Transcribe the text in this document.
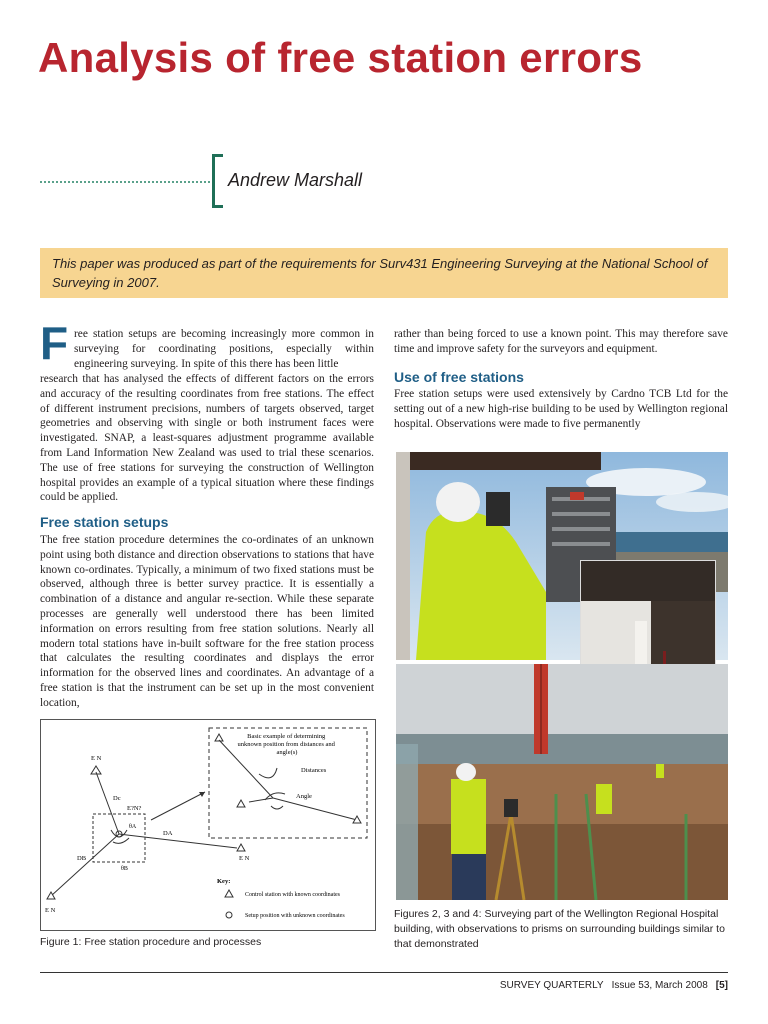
Analysis of free station errors
Andrew Marshall
This paper was produced as part of the requirements for Surv431 Engineering Surveying at the National School of Surveying in 2007.
F ree station setups are becoming increasingly more common in surveying for coordinating positions, especially within engineering surveying. In spite of this there has been little
research that has analysed the effects of different factors on the errors and accuracy of the resulting coordinates from free stations. The effect of different instrument precisions, numbers of targets observed, target geometries and observing with single or both instrument faces were investigated. SNAP, a least-squares adjustment programme available from Land Information New Zealand was used to trial these scenarios. The use of free stations for surveying the construction of Wellington hospital provides an example of a typical situation where these findings could be applied.
Free station setups
The free station procedure determines the co-ordinates of an unknown point using both distance and direction observations to stations that have known co-ordinates. Typically, a minimum of two fixed stations must be observed, although three is better survey practice. It is essentially a combination of a distance and angular re-section. While these separate processes are generally well understood there has been limited information on errors resulting from free station solutions. Nearly all modern total stations have in-built software for the free station process that calculates the resulting coordinates and displays the error information for the observed lines and coordinates. An advantage of a free station is that the instrument can be set up in the most convenient location,
Basic example of determining unknown position from distances and angle(s)
Distances
Angle
E N
Dc
E?N?
θA
DA
DB
θB
E N
E N
Key:
Control station with known coordinates
Setup position with unknown coordinates
Figure 1: Free station procedure and processes
rather than being forced to use a known point. This may therefore save time and improve safety for the surveyors and equipment.
Use of free stations
Free station setups were used extensively by Cardno TCB Ltd for the setting out of a new high-rise building to be used by Wellington regional hospital. Observations were made to five permanently
Figures 2, 3 and 4: Surveying part of the Wellington Regional Hospital building, with observations to prisms on surrounding buildings similar to that demonstrated
SURVEY QUARTERLY Issue 53, March 2008 [5]
